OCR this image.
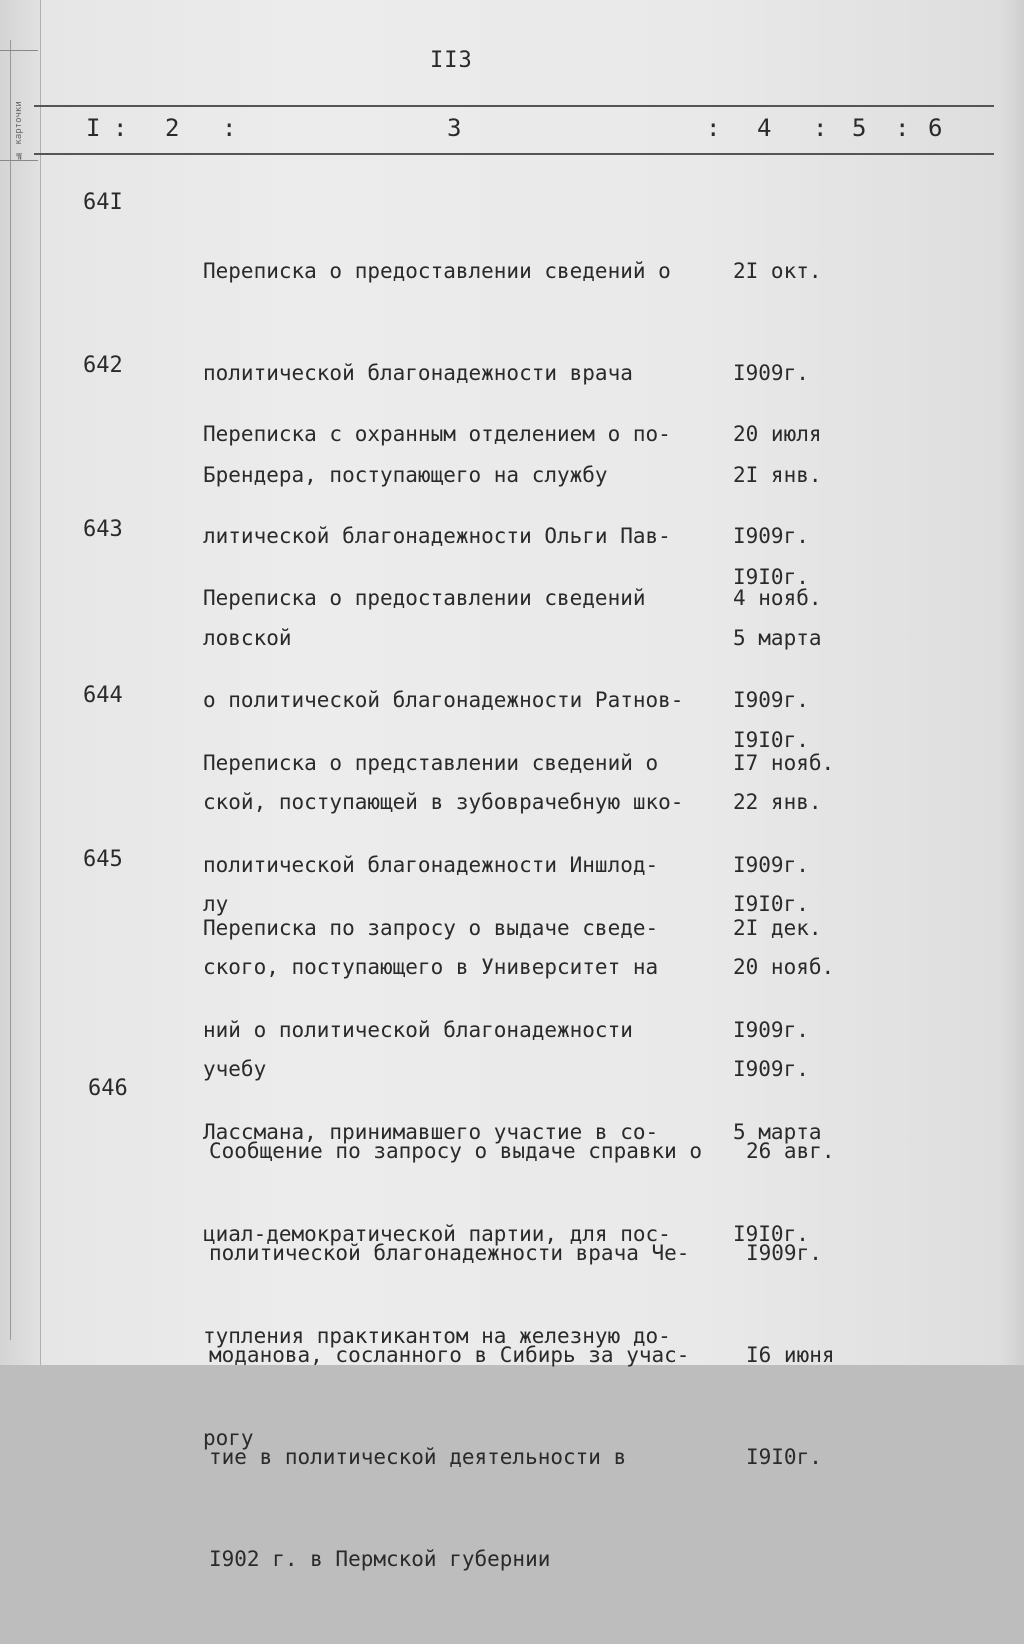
№ карточки
II3
I : 2 :	3	: 4 : 5 : 6
64I

Переписка о предоставлении сведений о

политической благонадежности врача

Брендера, поступающего на службу

2I окт.

I909г.

2I янв.

I9I0г.

642

Переписка с охранным отделением о по-

литической благонадежности Ольги Пав-

ловской

20 июля

I909г.

5 марта

I9I0г.

643

Переписка о предоставлении сведений

о политической благонадежности Ратнов-

ской, поступающей в зубоврачебную шко-

лу

4 нояб.

I909г.

22 янв.

I9I0г.

644

Переписка о представлении сведений о

политической благонадежности Иншлод-

ского, поступающего в Университет на

учебу

I7 нояб.

I909г.

20 нояб.

I909г.

645

Переписка по запросу о выдаче сведе-

ний о политической благонадежности

Лассмана, принимавшего участие в со-

циал-демократической партии, для пос-

тупления практикантом на железную до-

рогу

2I дек.

I909г.

5 марта

I9I0г.

646

Сообщение по запросу о выдаче справки о

политической благонадежности врача Че-

моданова, сосланного в Сибирь за учас-

тие в политической деятельности в

I902 г. в Пермской губернии

26 авг.

I909г.

I6 июня

I9I0г.
